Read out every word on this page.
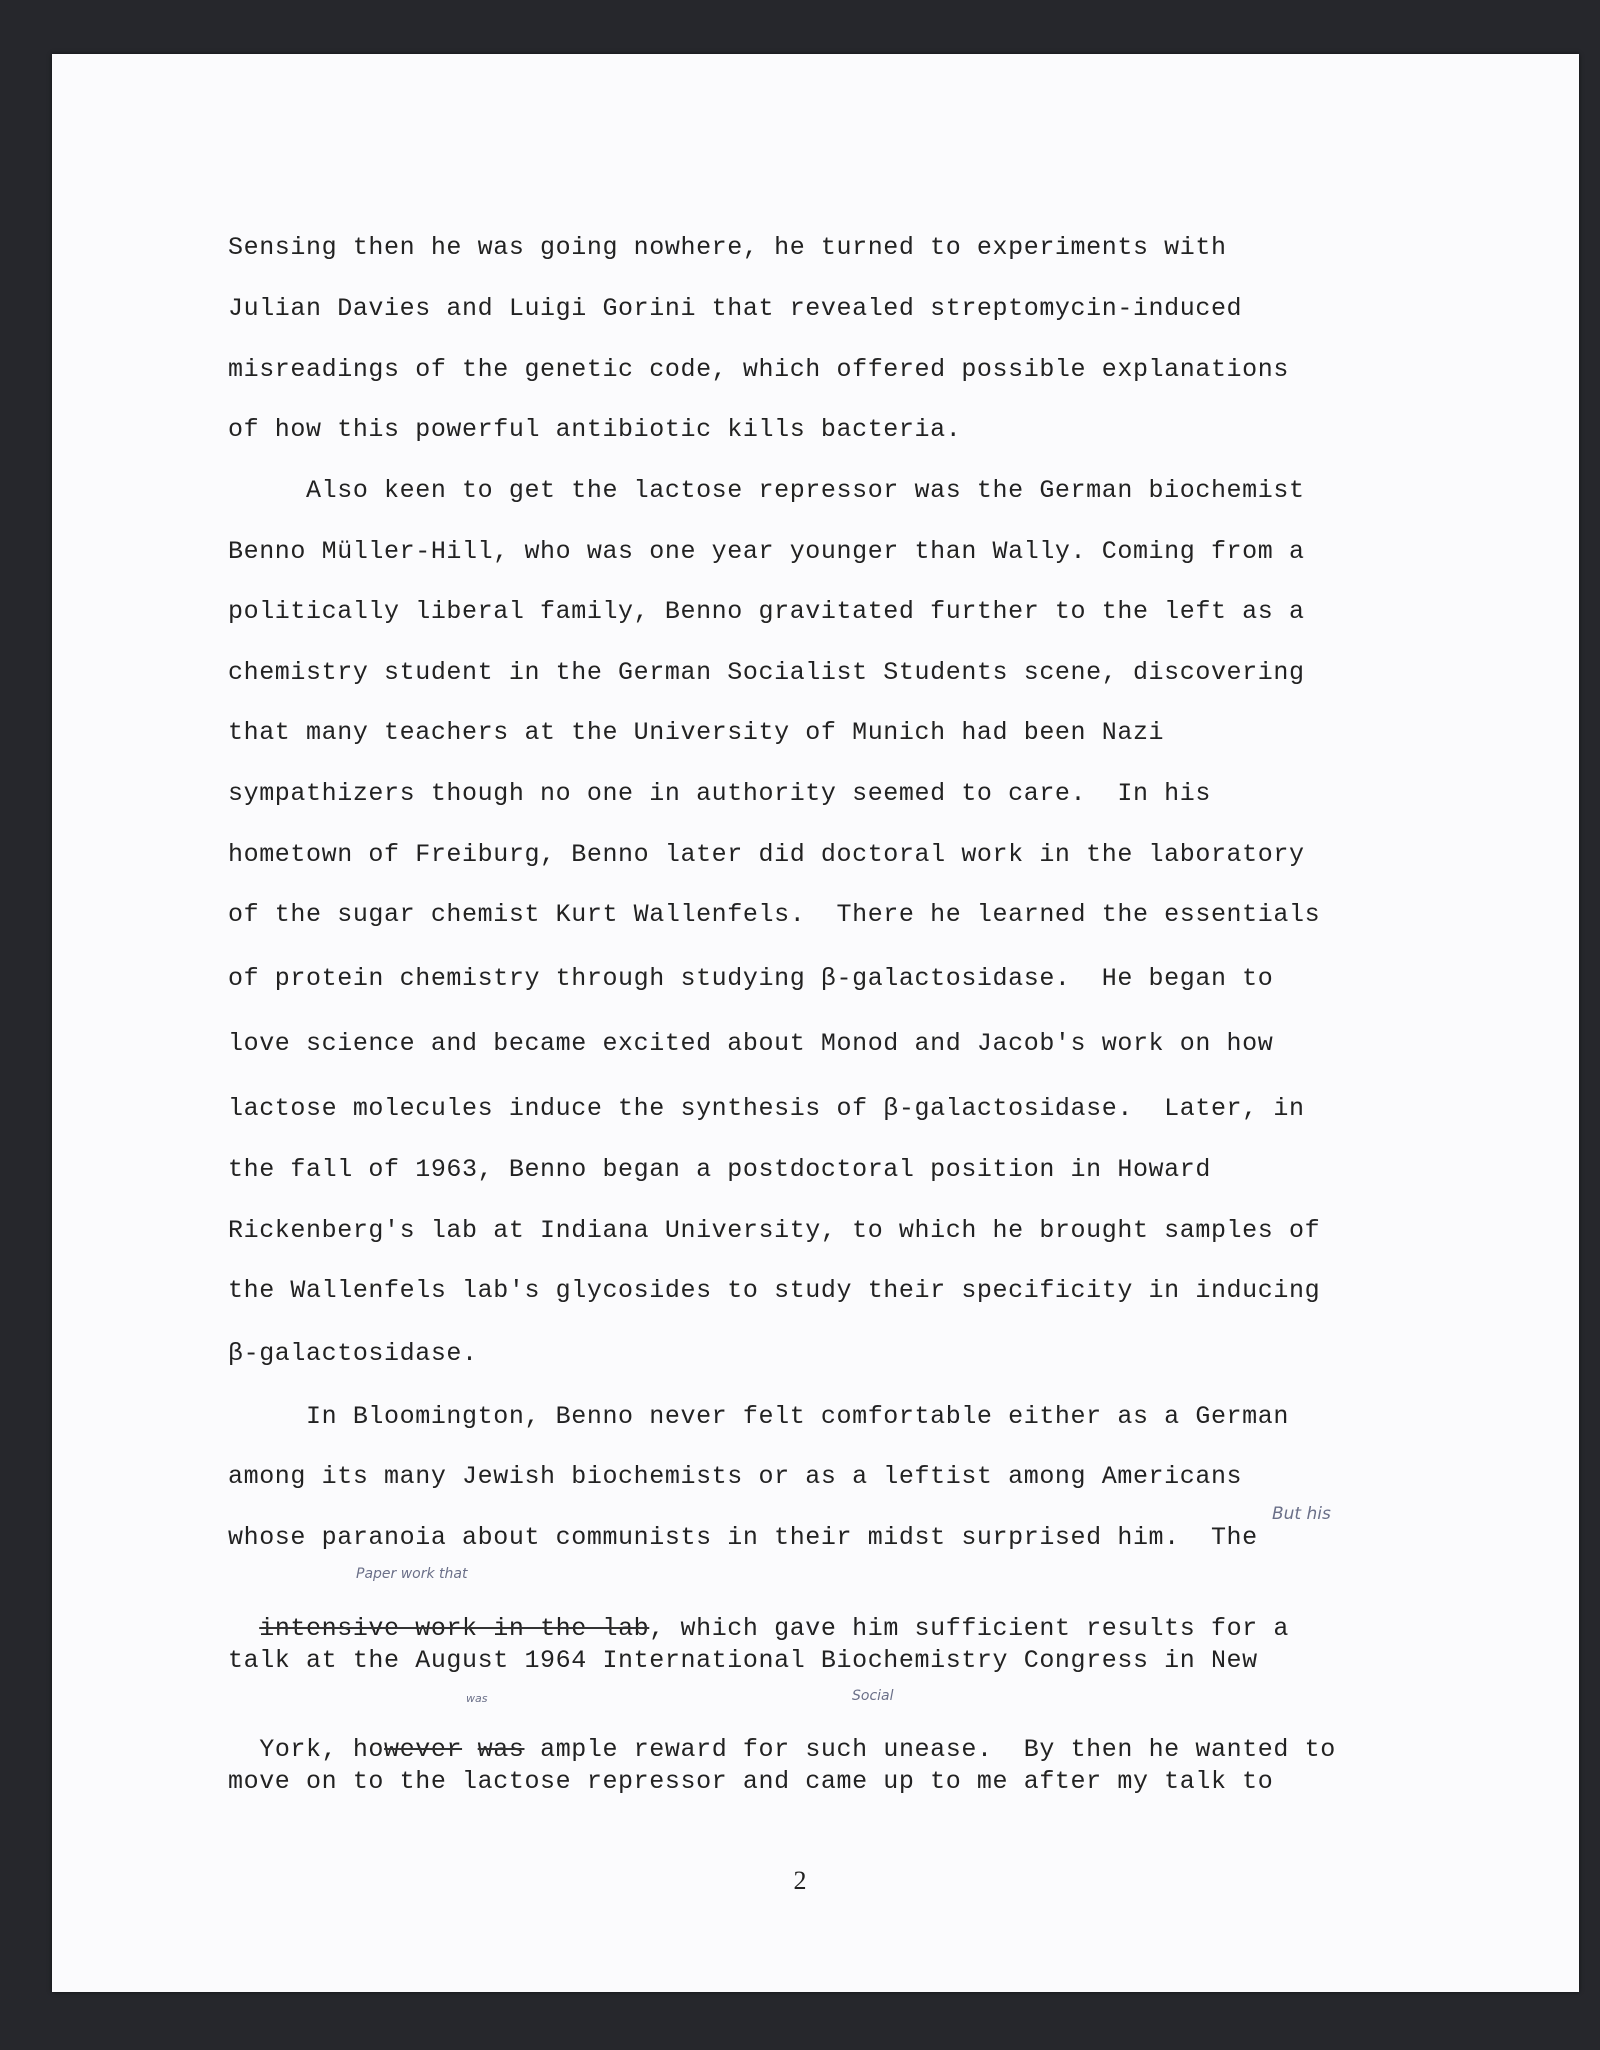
Sensing then he was going nowhere, he turned to experiments with
Julian Davies and Luigi Gorini that revealed streptomycin-induced
misreadings of the genetic code, which offered possible explanations
of how this powerful antibiotic kills bacteria.
Also keen to get the lactose repressor was the German biochemist
Benno Müller-Hill, who was one year younger than Wally. Coming from a
politically liberal family, Benno gravitated further to the left as a
chemistry student in the German Socialist Students scene, discovering
that many teachers at the University of Munich had been Nazi
sympathizers though no one in authority seemed to care.  In his
hometown of Freiburg, Benno later did doctoral work in the laboratory
of the sugar chemist Kurt Wallenfels.  There he learned the essentials
of protein chemistry through studying β-galactosidase.  He began to
love science and became excited about Monod and Jacob's work on how
lactose molecules induce the synthesis of β-galactosidase.  Later, in
the fall of 1963, Benno began a postdoctoral position in Howard
Rickenberg's lab at Indiana University, to which he brought samples of
the Wallenfels lab's glycosides to study their specificity in inducing
β-galactosidase.
In Bloomington, Benno never felt comfortable either as a German
among its many Jewish biochemists or as a leftist among Americans
whose paranoia about communists in their midst surprised him.  The

intensive work in the lab, which gave him sufficient results for a

talk at the August 1964 International Biochemistry Congress in New

York, however was ample reward for such unease.  By then he wanted to

move on to the lactose repressor and came up to me after my talk to
But his
Paper work that
was	Social
2
